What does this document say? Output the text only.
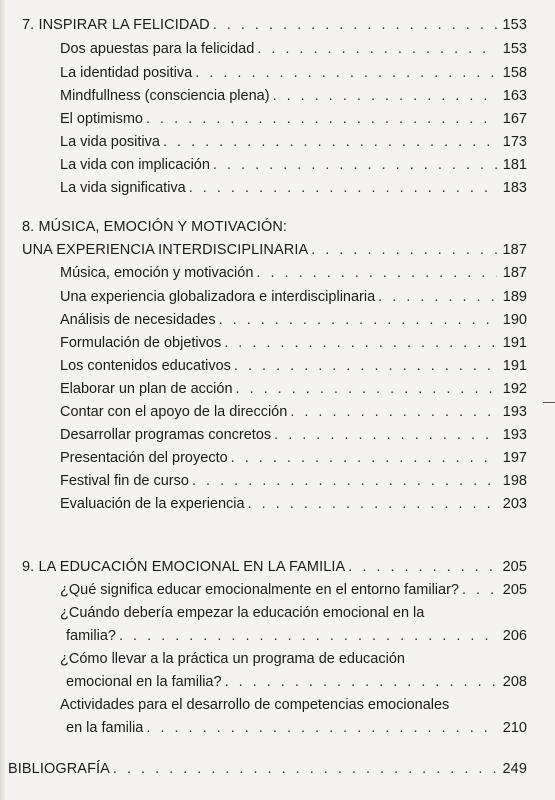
7.
INSPIRAR LA FELICIDAD . . .	153
Dos apuestas para la felicidad . . .	153
La identidad positiva . . .	158
Mindfullness (consciencia plena) . . .	163
El optimismo . . .	167
La vida positiva . . .	173
La vida con implicación . . .	181
La vida significativa . . .	183
8.
MÚSICA, EMOCIÓN Y MOTIVACIÓN:
UNA EXPERIENCIA INTERDISCIPLINARIA . . .	187
Música, emoción y motivación . . .	187
Una experiencia globalizadora e interdisciplinaria . . .	189
Análisis de necesidades . . .	190
Formulación de objetivos . . .	191
Los contenidos educativos . . .	191
Elaborar un plan de acción . . .	192
Contar con el apoyo de la dirección . . .	193
Desarrollar programas concretos . . .	193
Presentación del proyecto . . .	197
Festival fin de curso . . .	198
Evaluación de la experiencia . . .	203
9.
LA EDUCACIÓN EMOCIONAL EN LA FAMILIA . . .	205
¿Qué significa educar emocionalmente en el entorno familiar? . . .	205
¿Cuándo debería empezar la educación emocional en la
familia? . . .	206
¿Cómo llevar a la práctica un programa de educación
emocional en la familia? . . .	208
Actividades para el desarrollo de competencias emocionales
en la familia . . .	210
BIBLIOGRAFÍA . . .	249
